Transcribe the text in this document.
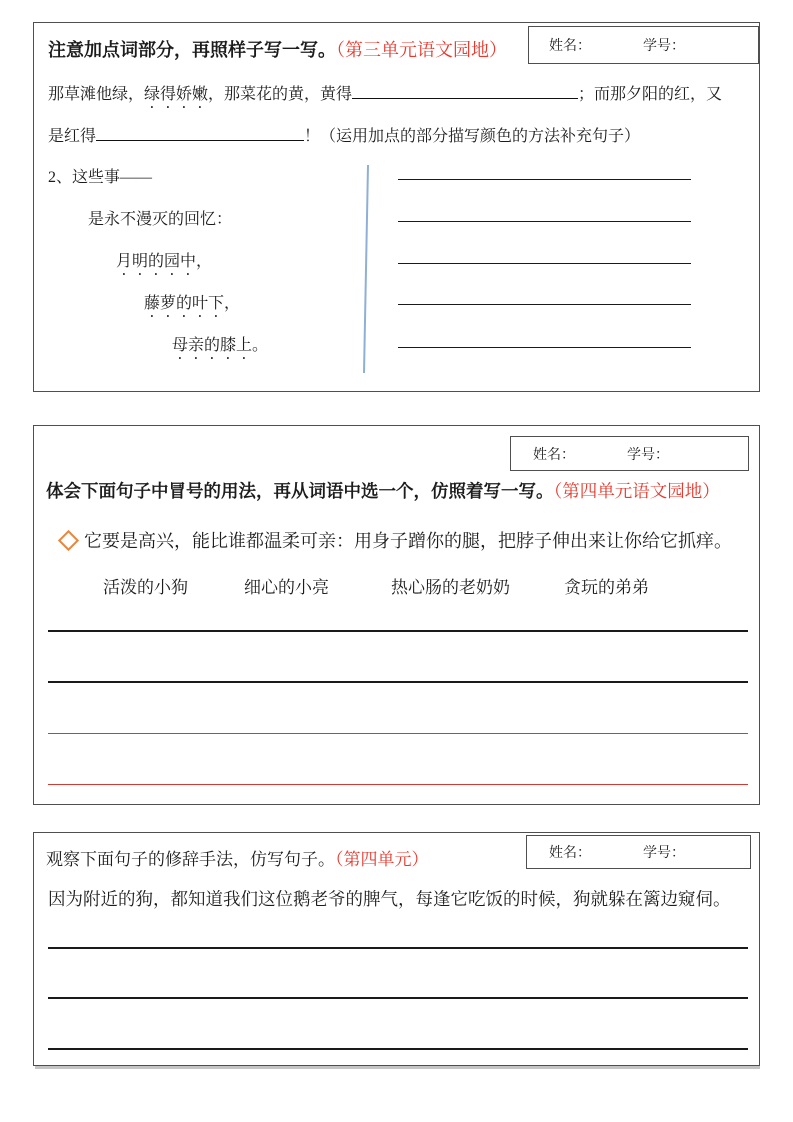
姓名：	学号：
注意加点词部分，再照样子写一写。（第三单元语文园地）
那草滩他绿，绿得娇嫩，那菜花的黄，黄得	；而那夕阳的红，又
是红得	！（运用加点的部分描写颜色的方法补充句子）
2、这些事——
是永不漫灭的回忆：
月明的园中，
藤萝的叶下，
母亲的膝上。
姓名：	学号：
体会下面句子中冒号的用法，再从词语中选一个，仿照着写一写。（第四单元语文园地）
它要是高兴，能比谁都温柔可亲：用身子蹭你的腿，把脖子伸出来让你给它抓痒。
活泼的小狗	细心的小亮	热心肠的老奶奶	贪玩的弟弟
姓名：	学号：
观察下面句子的修辞手法，仿写句子。（第四单元）
因为附近的狗，都知道我们这位鹅老爷的脾气，每逢它吃饭的时候，狗就躲在篱边窥伺。
